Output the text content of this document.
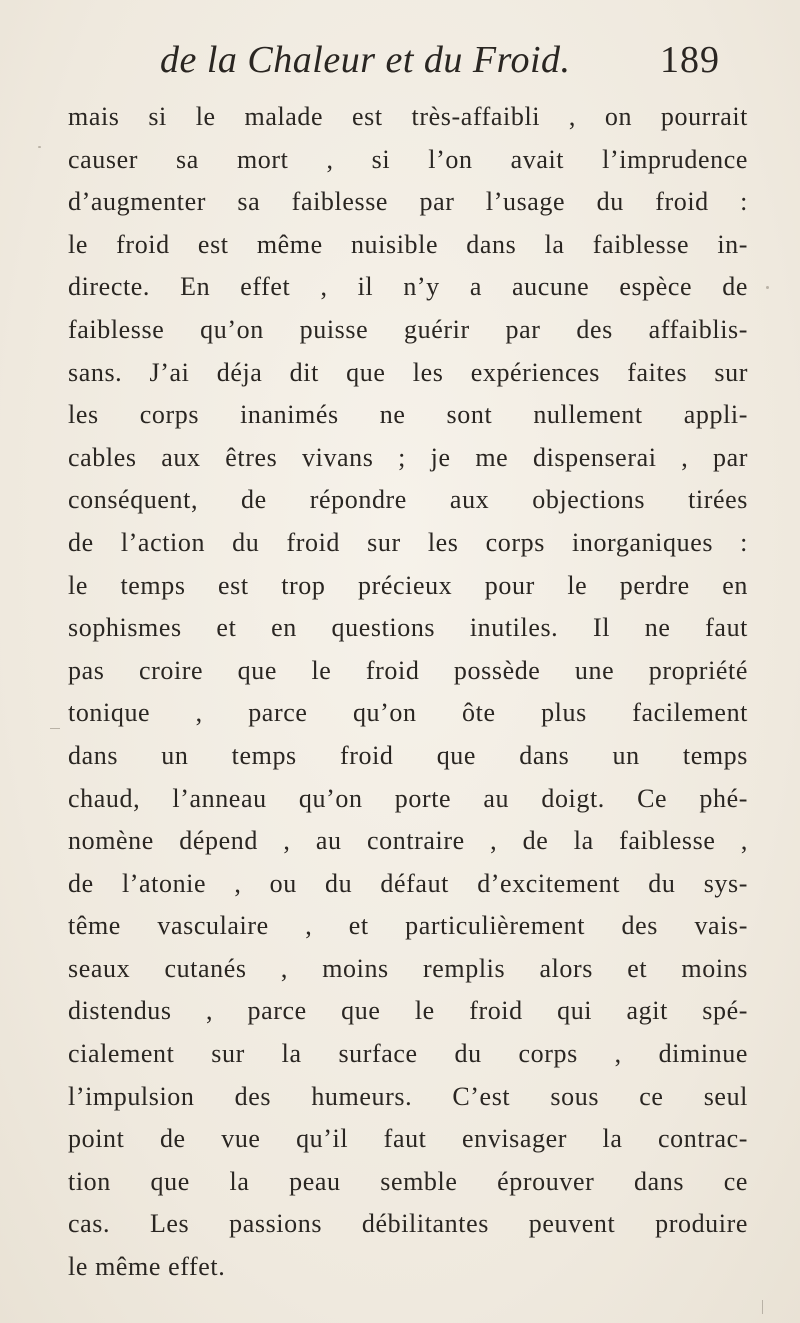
de la Chaleur et du Froid. 189
mais si le malade est très-affaibli , on pourrait
causer sa mort , si l’on avait l’imprudence
d’augmenter sa faiblesse par l’usage du froid :
le froid est même nuisible dans la faiblesse in-
directe. En effet , il n’y a aucune espèce de
faiblesse qu’on puisse guérir par des affaiblis-
sans. J’ai déja dit que les expériences faites sur
les corps inanimés ne sont nullement appli-
cables aux êtres vivans ; je me dispenserai , par
conséquent, de répondre aux objections tirées
de l’action du froid sur les corps inorganiques :
le temps est trop précieux pour le perdre en
sophismes et en questions inutiles. Il ne faut
pas croire que le froid possède une propriété
tonique , parce qu’on ôte plus facilement
dans un temps froid que dans un temps
chaud, l’anneau qu’on porte au doigt. Ce phé-
nomène dépend , au contraire , de la faiblesse ,
de l’atonie , ou du défaut d’excitement du sys-
tême vasculaire , et particulièrement des vais-
seaux cutanés , moins remplis alors et moins
distendus , parce que le froid qui agit spé-
cialement sur la surface du corps , diminue
l’impulsion des humeurs. C’est sous ce seul
point de vue qu’il faut envisager la contrac-
tion que la peau semble éprouver dans ce
cas. Les passions débilitantes peuvent produire
le même effet.
